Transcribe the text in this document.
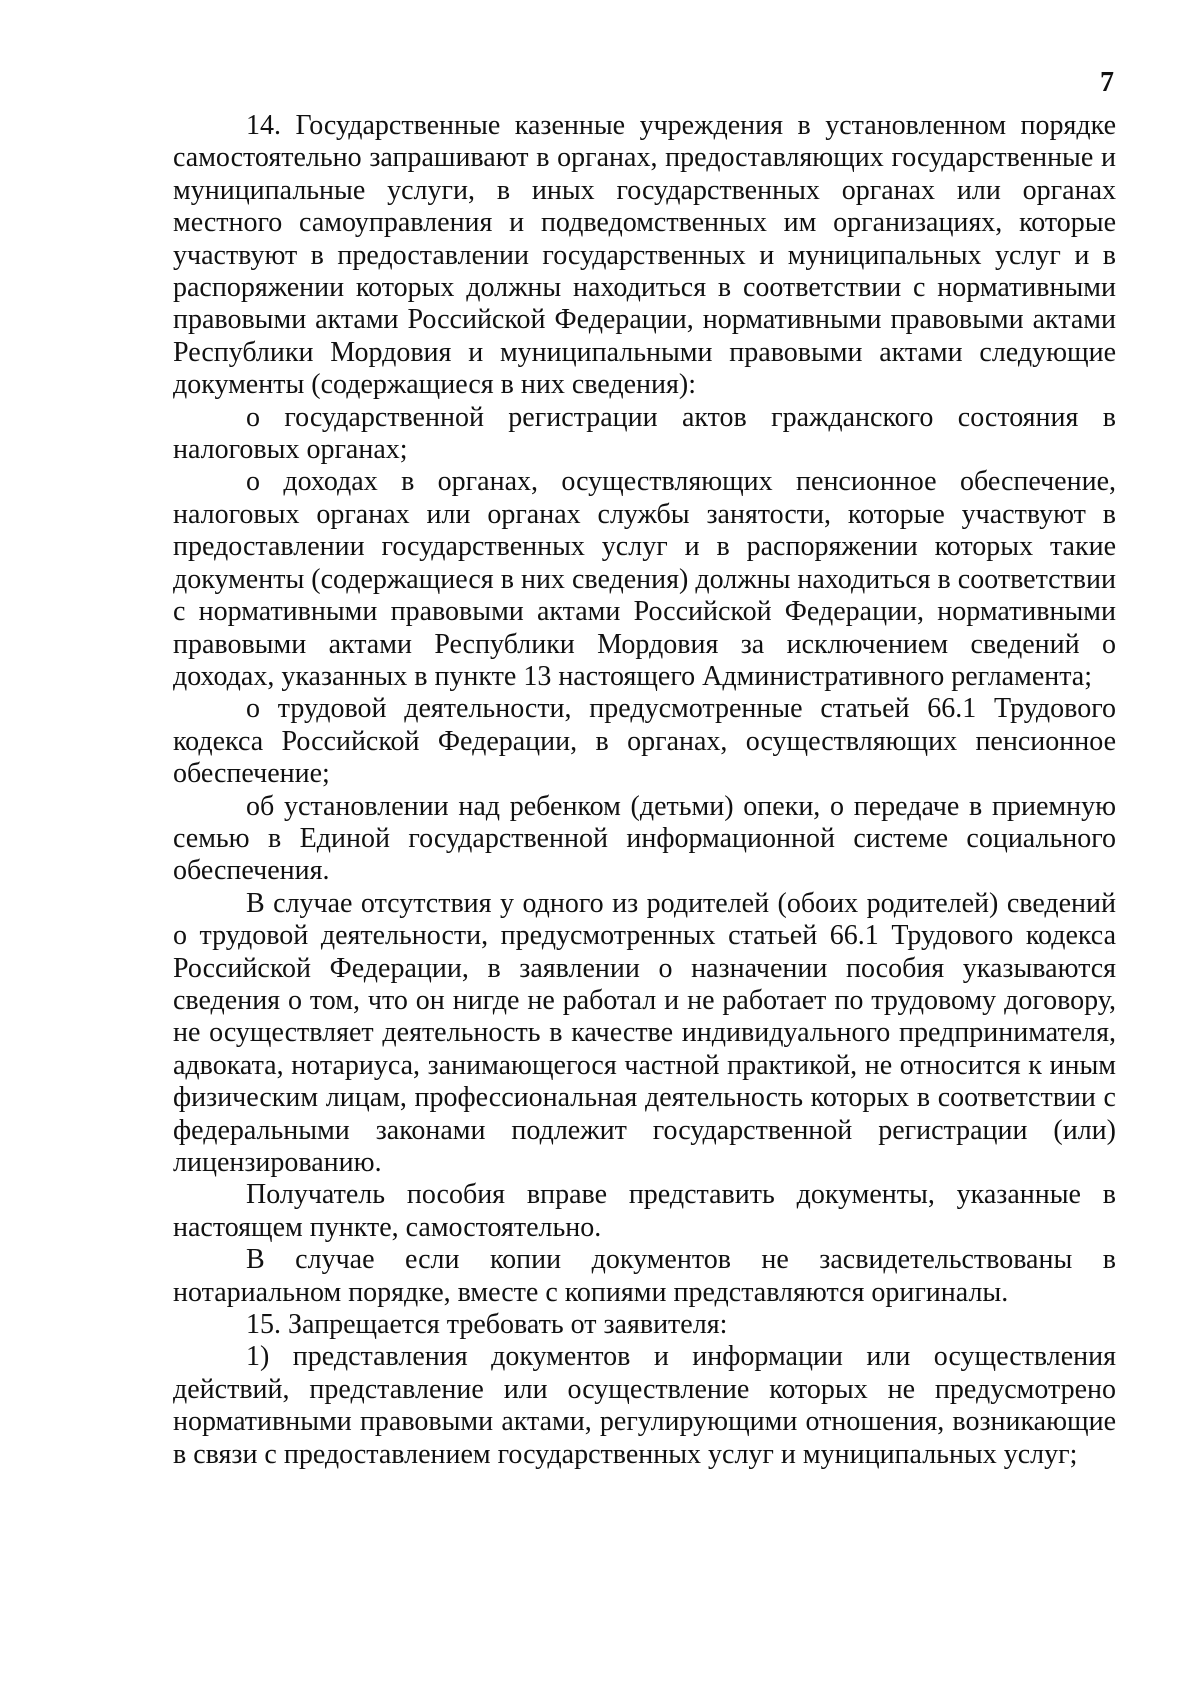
7

14. Государственные казенные учреждения в установленном порядке самостоятельно запрашивают в органах, предоставляющих государственные и муниципальные услуги, в иных государственных органах или органах местного самоуправления и подведомственных им организациях, которые участвуют в предоставлении государственных и муниципальных услуг и в распоряжении которых должны находиться в соответствии с нормативными правовыми актами Российской Федерации, нормативными правовыми актами Республики Мордовия и муниципальными правовыми актами следующие документы (содержащиеся в них сведения):

о государственной регистрации актов гражданского состояния в налоговых органах;

о доходах в органах, осуществляющих пенсионное обеспечение, налоговых органах или органах службы занятости, которые участвуют в предоставлении государственных услуг и в распоряжении которых такие документы (содержащиеся в них сведения) должны находиться в соответствии с нормативными правовыми актами Российской Федерации, нормативными правовыми актами Республики Мордовия за исключением сведений о доходах, указанных в пункте 13 настоящего Административного регламента;

о трудовой деятельности, предусмотренные статьей 66.1 Трудового кодекса Российской Федерации, в органах, осуществляющих пенсионное обеспечение;

об установлении над ребенком (детьми) опеки, о передаче в приемную семью в Единой государственной информационной системе социального обеспечения.

В случае отсутствия у одного из родителей (обоих родителей) сведений о трудовой деятельности, предусмотренных статьей 66.1 Трудового кодекса Российской Федерации, в заявлении о назначении пособия указываются сведения о том, что он нигде не работал и не работает по трудовому договору, не осуществляет деятельность в качестве индивидуального предпринимателя, адвоката, нотариуса, занимающегося частной практикой, не относится к иным физическим лицам, профессиональная деятельность которых в соответствии с федеральными законами подлежит государственной регистрации (или) лицензированию.

Получатель пособия вправе представить документы, указанные в настоящем пункте, самостоятельно.

В случае если копии документов не засвидетельствованы в нотариальном порядке, вместе с копиями представляются оригиналы.

15. Запрещается требовать от заявителя:

1) представления документов и информации или осуществления действий, представление или осуществление которых не предусмотрено нормативными правовыми актами, регулирующими отношения, возникающие в связи с предоставлением государственных услуг и муниципальных услуг;
